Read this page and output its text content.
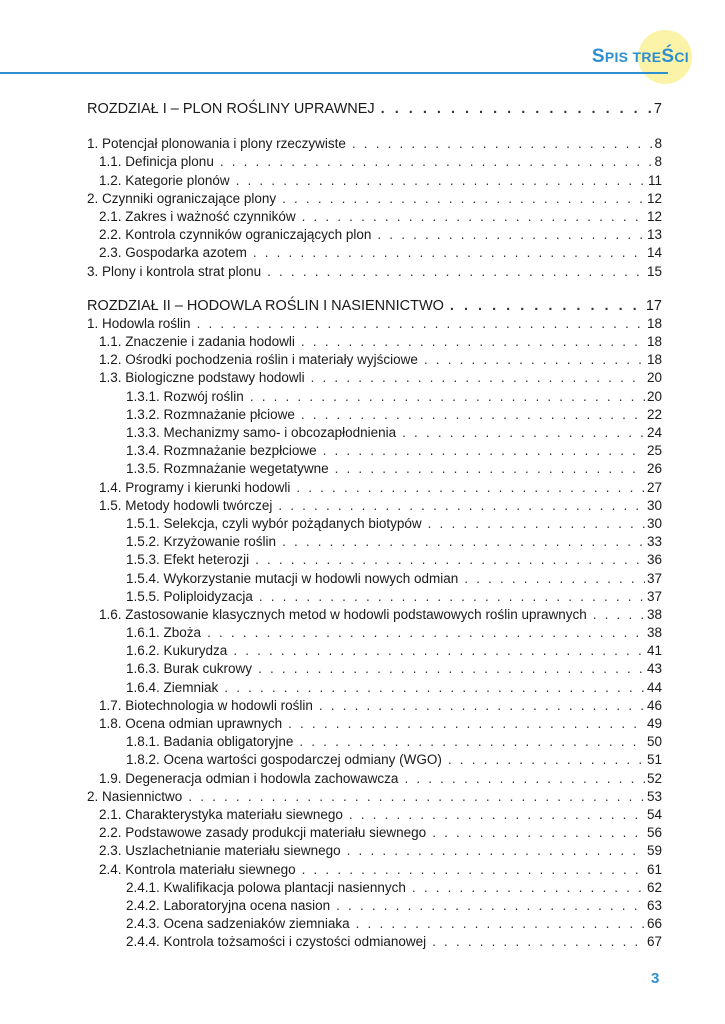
SPIS TREŚCI
ROZDZIAŁ I – PLON ROŚLINY UPRAWNEJ . . .	7
1. Potencjał plonowania i plony rzeczywiste . . .	8
1.1. Definicja plonu . . .	8
1.2. Kategorie plonów . . .	11
2. Czynniki ograniczające plony . . .	12
2.1. Zakres i ważność czynników . . .	12
2.2. Kontrola czynników ograniczających plon . . .	13
2.3. Gospodarka azotem . . .	14
3. Plony i kontrola strat plonu . . .	15
ROZDZIAŁ II – HODOWLA ROŚLIN I NASIENNICTWO . . .	17
1. Hodowla roślin . . .	18
1.1. Znaczenie i zadania hodowli . . .	18
1.2. Ośrodki pochodzenia roślin i materiały wyjściowe . . .	18
1.3. Biologiczne podstawy hodowli . . .	20
1.3.1. Rozwój roślin . . .	20
1.3.2. Rozmnażanie płciowe . . .	22
1.3.3. Mechanizmy samo- i obcozapłodnienia . . .	24
1.3.4. Rozmnażanie bezpłciowe . . .	25
1.3.5. Rozmnażanie wegetatywne . . .	26
1.4. Programy i kierunki hodowli . . .	27
1.5. Metody hodowli twórczej . . .	30
1.5.1. Selekcja, czyli wybór pożądanych biotypów . . .	30
1.5.2. Krzyżowanie roślin . . .	33
1.5.3. Efekt heterozji . . .	36
1.5.4. Wykorzystanie mutacji w hodowli nowych odmian . . .	37
1.5.5. Poliploidyzacja . . .	37
1.6. Zastosowanie klasycznych metod w hodowli podstawowych roślin uprawnych . . .	38
1.6.1. Zboża . . .	38
1.6.2. Kukurydza . . .	41
1.6.3. Burak cukrowy . . .	43
1.6.4. Ziemniak . . .	44
1.7. Biotechnologia w hodowli roślin . . .	46
1.8. Ocena odmian uprawnych . . .	49
1.8.1. Badania obligatoryjne . . .	50
1.8.2. Ocena wartości gospodarczej odmiany (WGO) . . .	51
1.9. Degeneracja odmian i hodowla zachowawcza . . .	52
2. Nasiennictwo . . .	53
2.1. Charakterystyka materiału siewnego . . .	54
2.2. Podstawowe zasady produkcji materiału siewnego . . .	56
2.3. Uszlachetnianie materiału siewnego . . .	59
2.4. Kontrola materiału siewnego . . .	61
2.4.1. Kwalifikacja polowa plantacji nasiennych . . .	62
2.4.2. Laboratoryjna ocena nasion . . .	63
2.4.3. Ocena sadzeniaków ziemniaka . . .	66
2.4.4. Kontrola tożsamości i czystości odmianowej . . .	67
3
